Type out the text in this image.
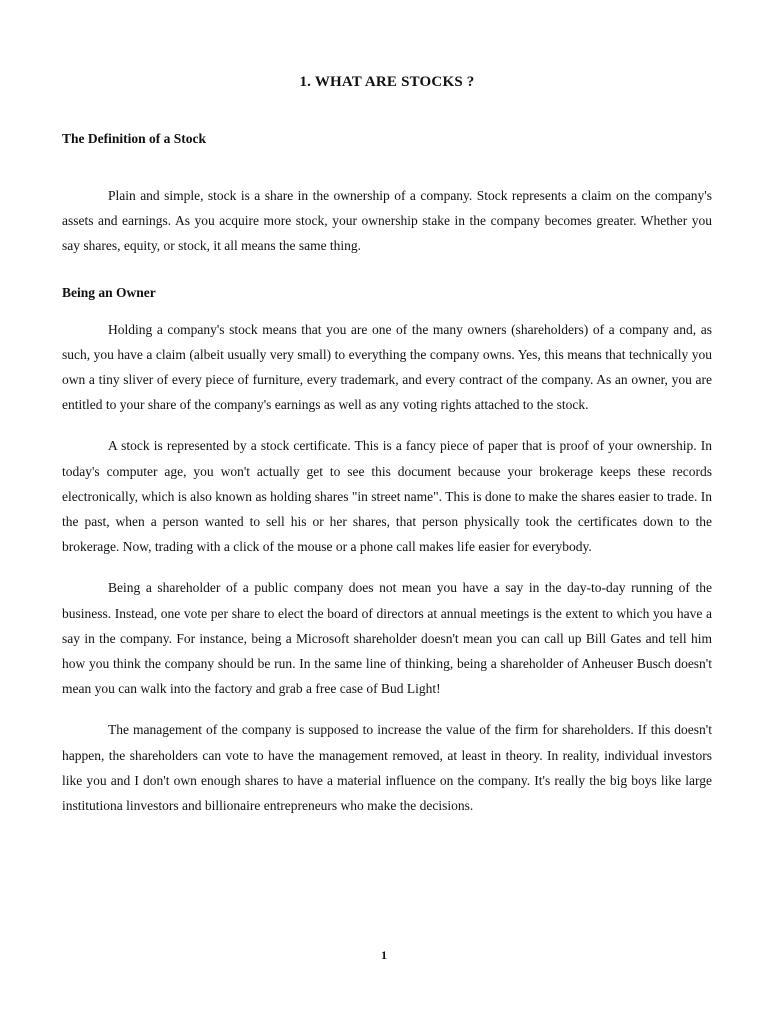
1. WHAT ARE STOCKS ?
The Definition of a Stock

Plain and simple, stock is a share in the ownership of a company. Stock represents a claim on the company's assets and earnings. As you acquire more stock, your ownership stake in the company becomes greater. Whether you say shares, equity, or stock, it all means the same thing.

Being an Owner

Holding a company's stock means that you are one of the many owners (shareholders) of a company and, as such, you have a claim (albeit usually very small) to everything the company owns. Yes, this means that technically you own a tiny sliver of every piece of furniture, every trademark, and every contract of the company. As an owner, you are entitled to your share of the company's earnings as well as any voting rights attached to the stock.

A stock is represented by a stock certificate. This is a fancy piece of paper that is proof of your ownership. In today's computer age, you won't actually get to see this document because your brokerage keeps these records electronically, which is also known as holding shares "in street name". This is done to make the shares easier to trade. In the past, when a person wanted to sell his or her shares, that person physically took the certificates down to the brokerage. Now, trading with a click of the mouse or a phone call makes life easier for everybody.

Being a shareholder of a public company does not mean you have a say in the day-to-day running of the business. Instead, one vote per share to elect the board of directors at annual meetings is the extent to which you have a say in the company. For instance, being a Microsoft shareholder doesn't mean you can call up Bill Gates and tell him how you think the company should be run. In the same line of thinking, being a shareholder of Anheuser Busch doesn't mean you can walk into the factory and grab a free case of Bud Light!

The management of the company is supposed to increase the value of the firm for shareholders. If this doesn't happen, the shareholders can vote to have the management removed, at least in theory. In reality, individual investors like you and I don't own enough shares to have a material influence on the company. It's really the big boys like large institutiona linvestors and billionaire entrepreneurs who make the decisions.

1
